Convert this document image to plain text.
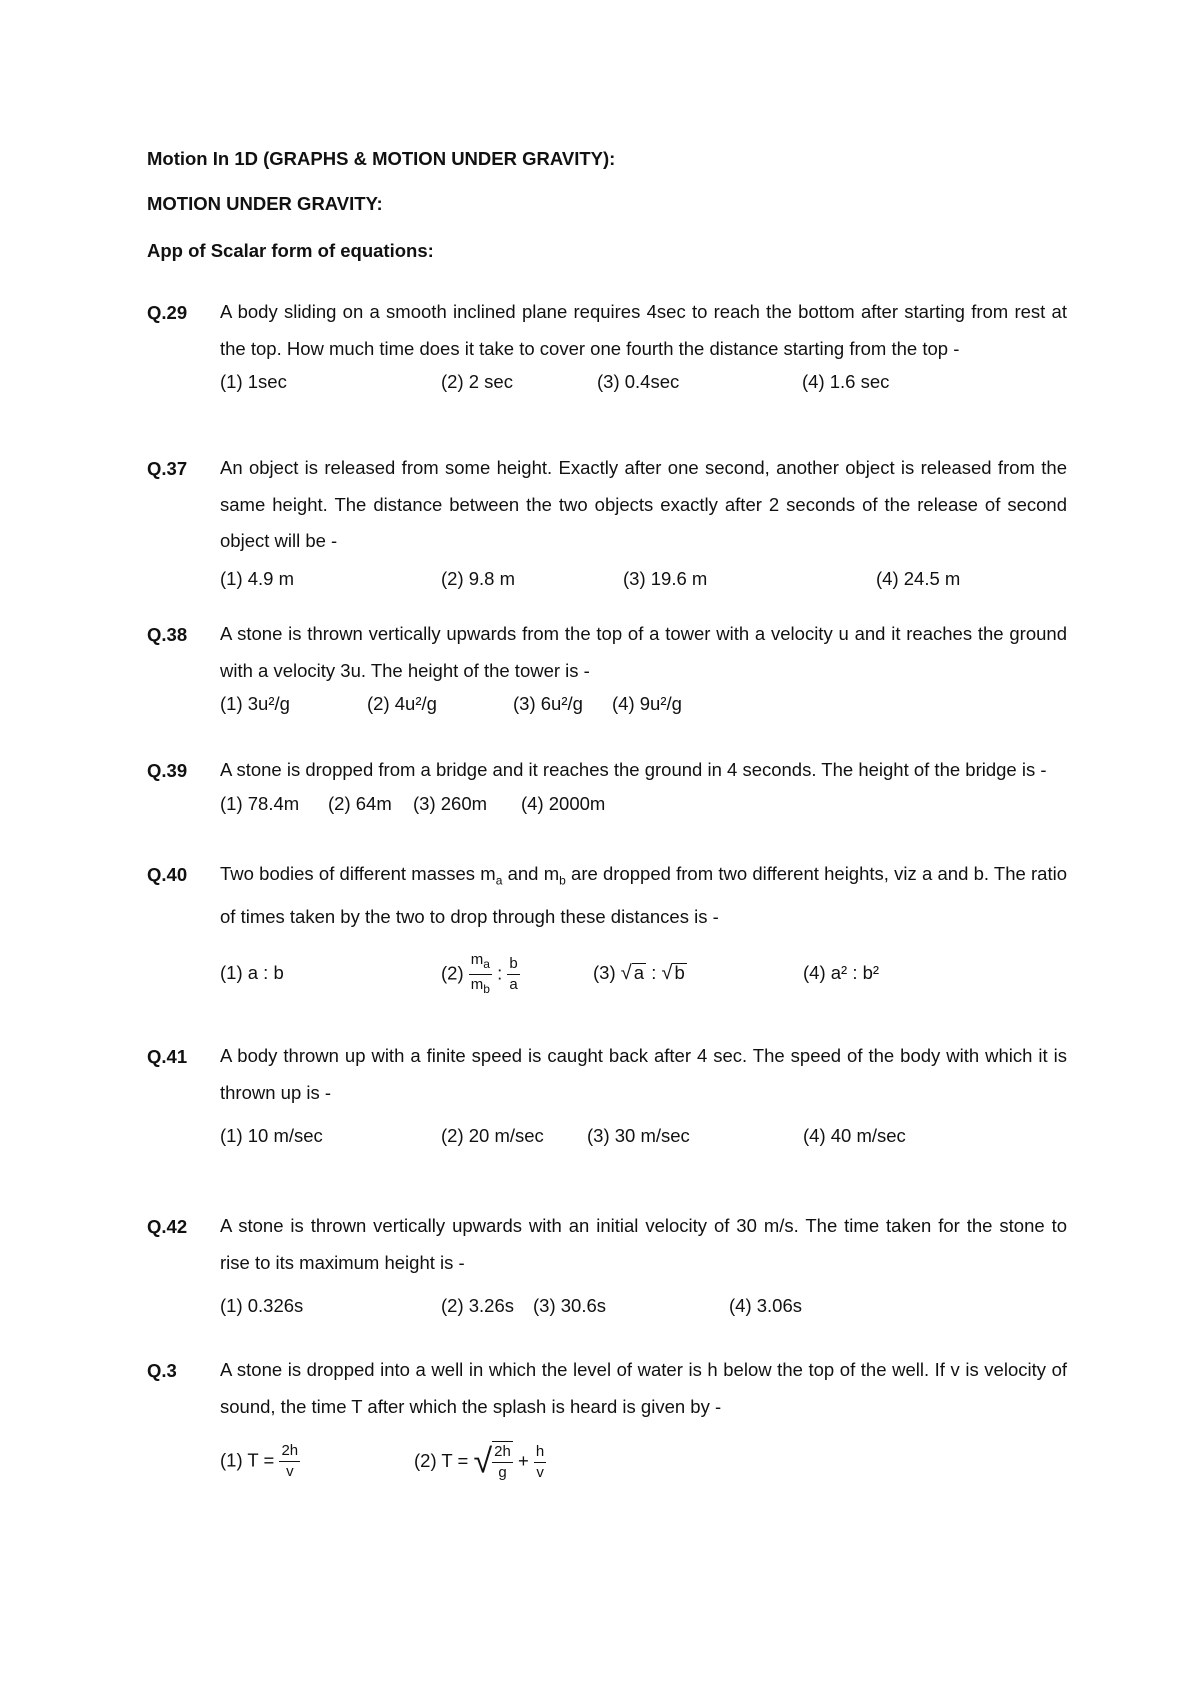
Motion In 1D (GRAPHS & MOTION UNDER GRAVITY):
MOTION UNDER GRAVITY:
App of Scalar form of equations:
Q.29 A body sliding on a smooth inclined plane requires 4sec to reach the bottom after starting from rest at the top. How much time does it take to cover one fourth the distance starting from the top -
(1) 1sec	(2) 2 sec	(3) 0.4sec	(4) 1.6 sec
Q.37 An object is released from some height. Exactly after one second, another object is released from the same height. The distance between the two objects exactly after 2 seconds of the release of second object will be -
(1) 4.9 m	(2) 9.8 m	(3) 19.6 m	(4) 24.5 m
Q.38 A stone is thrown vertically upwards from the top of a tower with a velocity u and it reaches the ground with a velocity 3u. The height of the tower is -
(1) 3u²/g	(2) 4u²/g	(3) 6u²/g (4) 9u²/g
Q.39 A stone is dropped from a bridge and it reaches the ground in 4 seconds. The height of the bridge is -
(1) 78.4m (2) 64m (3) 260m (4) 2000m
Q.40 Two bodies of different masses $m_a$ and $m_b$ are dropped from two different heights, viz a and b. The ratio of times taken by the two to drop through these distances is -
(1) a : b	$(2) \frac{m_a}{m_b}$ : $\frac{b}{a}$	(3) √ a : √ b	(4) a² : b²
Q.41 A body thrown up with a finite speed is caught back after 4 sec. The speed of the body with which it is thrown up is -
(1) 10 m/sec	(2) 20 m/sec (3) 30 m/sec	(4) 40 m/sec
Q.42 A stone is thrown vertically upwards with an initial velocity of 30 m/s. The time taken for the stone to rise to its maximum height is -
(1) 0.326s	(2) 3.26s (3) 30.6s	(4) 3.06s
Q.3 A stone is dropped into a well in which the level of water is h below the top of the well. If v is velocity of sound, the time T after which the splash is heard is given by -
(1) $T = \frac{2h}{v}$	(2) T = √ $\frac{2h}{g} + \frac{h}{v}$
